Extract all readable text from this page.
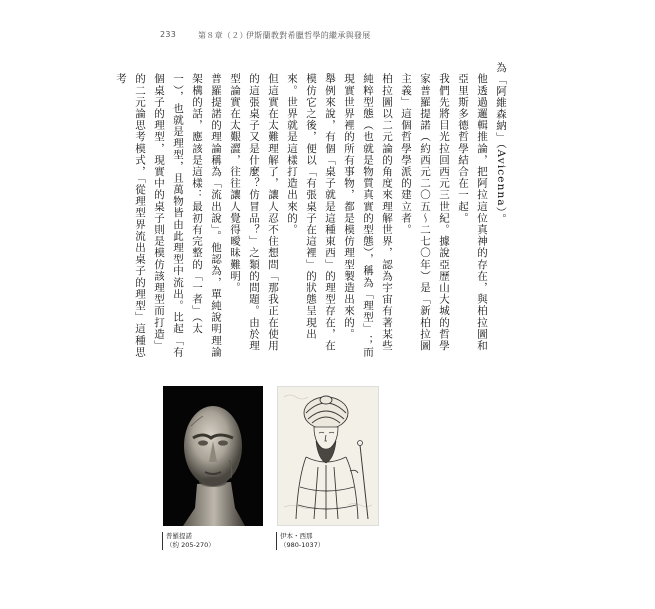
233	第８章（２）
伊斯蘭教對希臘哲學的繼承與發展

為「阿維森納」（Avicenna）。

他透過邏輯推論，把阿拉這位真神的存在，與柏拉圖和亞里斯多德哲學結合在一起。

我們先將目光拉回西元三世紀。據說亞歷山大城的哲學家普羅提諾（約西元二〇五～二七〇年）是「新柏拉圖主義」這個哲學學派的建立者。

柏拉圖以二元論的角度來理解世界，認為宇宙有著某些純粹型態（也就是物質真實的型態），稱為「理型」；而現實世界裡的所有事物，都是模仿理型製造出來的。

舉例來說，有個「桌子就是這種東西」的理型存在，在模仿它之後，便以「有張桌子在這裡」的狀態呈現出來。世界就是這樣打造出來的。

但這實在太難理解了，讓人忍不住想問「那我正在使用的這張桌子又是什麼？仿冒品？」之類的問題。由於理型論實在太艱澀，往往讓人覺得曖昧難明。

普羅提諾的理論稱為「流出說」。他認為，單純說明理論架構的話，應該是這樣：最初有完整的「一者」（太一），也就是理型，且萬物皆由此理型中流出。比起「有個桌子的理型，現實中的桌子則是模仿該理型而打造」的二元論思考模式，「從理型界流出桌子的理型」這種思考

普羅提諾
（約 205-270）
伊本・西那
（980-1037）
